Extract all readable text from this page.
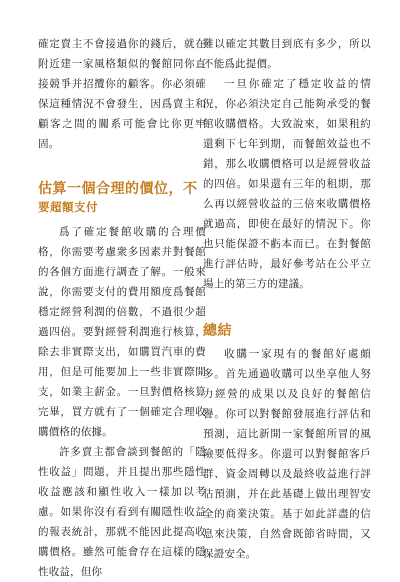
確定賣主不會接過你的錢后，就在附近建一家風格類似的餐館同你直接競爭并招攬你的顧客。你必須確保這種情況不會發生，因爲賣主和顧客之間的關系可能會比你更牢固。

估算一個合理的價位，不
要超額支付

爲了確定餐館收購的合理價格，你需要考慮衆多因素并對餐館的各個方面進行調查了解。一般來說，你需要支付的費用額度爲餐館穩定經營利潤的倍數，不過很少超過四倍。要對經營利潤進行核算，除去非實際支出，如購買汽車的費用，但是可能要加上一些非實際開支，如業主薪金。一旦對價格核算完畢，買方就有了一個確定合理收購價格的依據。

許多賣主都會談到餐館的「隱性收益」問題，并且提出那些隱性收益應該和顯性收入一樣加以考慮。如果你沒有看到有關隱性收益的報表統計，那就不能因此提高收購價格。雖然可能會存在這樣的隱性收益，但你

難以確定其數目到底有多少，所以不能爲此提價。

一旦你確定了穩定收益的情況，你必須決定自己能夠承受的餐館收購價格。大致說來，如果租約還剩下七年到期，而餐館效益也不錯，那么收購價格可以是經營收益的四倍。如果還有三年的租期，那么再以經營收益的三倍來收購價格就過高，即使在最好的情況下。你也只能保證不虧本而已。在對餐館進行評估時，最好參考站在公平立場上的第三方的建議。

總結

收購一家現有的餐館好處頗多。首先通過收購可以坐享他人努力經營的成果以及良好的餐館信譽。你可以對餐館發展進行評估和預測，這比新開一家餐館所冒的風險要低得多。你還可以對餐館客戶群、資金周轉以及最終收益進行評估預測，并在此基礎上做出理智安全的商業決策。基于如此詳盡的信息來決策，自然會既節省時間，又保證安全。
